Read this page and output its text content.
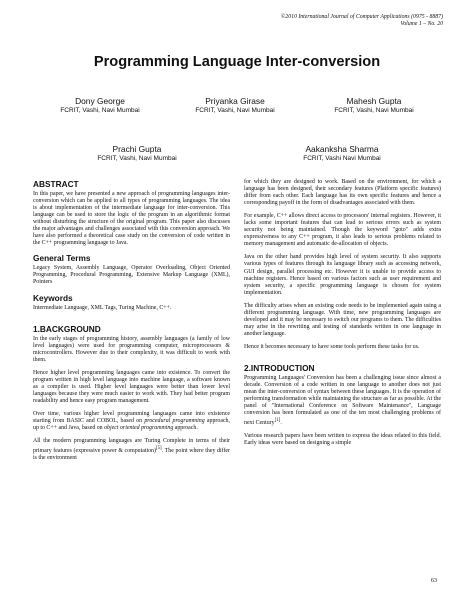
©2010 International Journal of Computer Applications (0975 - 8887)
Volume 1 – No. 20
Programming Language Inter-conversion
Dony George
FCRIT, Vashi, Navi Mumbai
Priyanka Girase
FCRIT, Vashi, Navi Mumbai
Mahesh Gupta
FCRIT, Vashi, Navi Mumbai
Prachi Gupta
FCRIT, Vashi, Navi Mumbai
Aakanksha Sharma
FCRIT, Vashi Navi Mumbai
ABSTRACT
In this paper, we have presented a new approach of programming languages inter-conversion which can be applied to all types of programming languages. The idea is about implementation of the intermediate language for inter-conversion. This language can be used to store the logic of the program in an algorithmic format without disturbing the structure of the original program. This paper also discusses the major advantages and challenges associated with this conversion approach. We have also performed a theoretical case study on the conversion of code written in the C++ programming language to Java.
General Terms
Legacy System, Assembly Language, Operator Overloading, Object Oriented Programming, Procedural Programming, Extensive Markup Language (XML), Pointers
Keywords
Intermediate Language, XML Tags, Turing Machine, C++.
1.BACKGROUND
In the early stages of programming history, assembly languages (a family of low level languages) were used for programming computer, microprocessors & microcontrollers. However due to their complexity, it was difficult to work with them.
Hence higher level programming languages came into existence. To convert the program written in high level language into machine language, a software known as a compiler is used. Higher level languages were better than lower level languages because they were much easier to work with. They had better program readability and hence easy program management.
Over time, various higher level programming languages came into existence starting from BASIC and COBOL, based on procedural programming approach, up to C++ and Java, based on object oriented programming approach.
All the modern programming languages are Turing Complete in terms of their primary features (expressive power & computation)[5]. The point where they differ is the environment
for which they are designed to work. Based on the environment, for which a language has been designed, their secondary features (Platform specific features) differ from each other. Each language has its own specific features and hence a corresponding payoff in the form of disadvantages associated with them.
For example, C++ allows direct access to processors' internal registers. However, it lacks some important features that can lead to serious errors such as system security not being maintained. Though the keyword "goto" adds extra expressiveness to any C++ program, it also leads to serious problems related to memory management and automatic de-allocation of objects.
Java on the other hand provides high level of system security. It also supports various types of features through its language library such as accessing network, GUI design, parallel processing etc. However it is unable to provide access to machine registers. Hence based on various factors such as user requirement and system security, a specific programming language is chosen for system implementation.
The difficulty arises when an existing code needs to be implemented again using a different programming language. With time, new programming languages are developed and it may be necessary to switch our programs to them. The difficulties may arise in the rewriting and testing of standards written in one language in another language.
Hence it becomes necessary to have some tools perform these tasks for us.
2.INTRODUCTION
Programming Languages' Conversion has been a challenging issue since almost a decade. Conversion of a code written in one language to another does not just mean the inter-conversion of syntax between these languages. It is the operation of performing transformation while maintaining the structure as far as possible. At the panel of "International Conference on Software Maintenance", Language conversion has been formulated as one of the ten most challenging problems of next Century[1].
Various research papers have been written to express the ideas related to this field. Early ideas were based on designing a simple
63
